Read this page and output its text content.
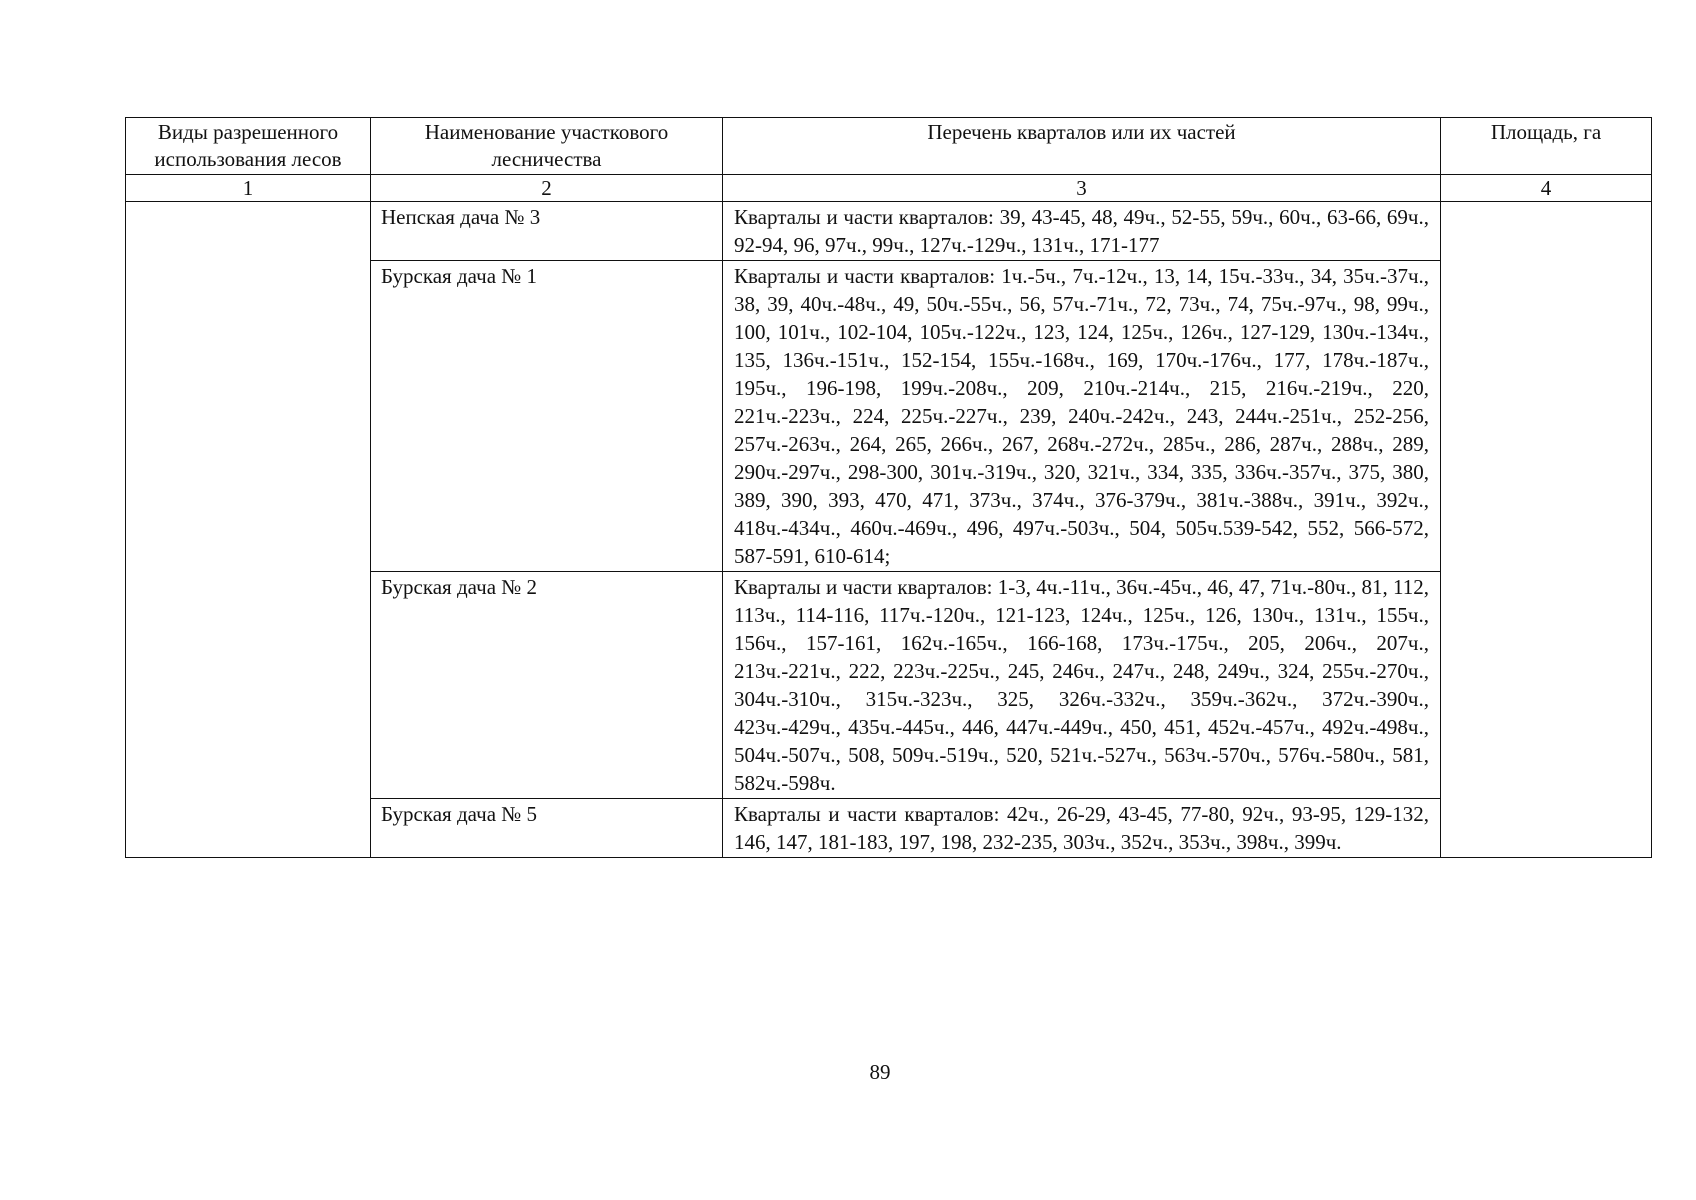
Виды разрешенного использования лесов	Наименование участкового лесничества	Перечень кварталов или их частей	Площадь, га
1	2	3	4
	Непская дача № 3	Кварталы и части кварталов: 39, 43-45, 48, 49ч., 52-55, 59ч., 60ч., 63-66, 69ч., 92-94, 96, 97ч., 99ч., 127ч.-129ч., 131ч., 171-177	
	Бурская дача № 1	Кварталы и части кварталов: 1ч.-5ч., 7ч.-12ч., 13, 14, 15ч.-33ч., 34, 35ч.-37ч., 38, 39, 40ч.-48ч., 49, 50ч.-55ч., 56, 57ч.-71ч., 72, 73ч., 74, 75ч.-97ч., 98, 99ч., 100, 101ч., 102-104, 105ч.-122ч., 123, 124, 125ч., 126ч., 127-129, 130ч.-134ч., 135, 136ч.-151ч., 152-154, 155ч.-168ч., 169, 170ч.-176ч., 177, 178ч.-187ч., 195ч., 196-198, 199ч.-208ч., 209, 210ч.-214ч., 215, 216ч.-219ч., 220, 221ч.-223ч., 224, 225ч.-227ч., 239, 240ч.-242ч., 243, 244ч.-251ч., 252-256, 257ч.-263ч., 264, 265, 266ч., 267, 268ч.-272ч., 285ч., 286, 287ч., 288ч., 289, 290ч.-297ч., 298-300, 301ч.-319ч., 320, 321ч., 334, 335, 336ч.-357ч., 375, 380, 389, 390, 393, 470, 471, 373ч., 374ч., 376-379ч., 381ч.-388ч., 391ч., 392ч., 418ч.-434ч., 460ч.-469ч., 496, 497ч.-503ч., 504, 505ч.539-542, 552, 566-572, 587-591, 610-614;	
	Бурская дача № 2	Кварталы и части кварталов: 1-3, 4ч.-11ч., 36ч.-45ч., 46, 47, 71ч.-80ч., 81, 112, 113ч., 114-116, 117ч.-120ч., 121-123, 124ч., 125ч., 126, 130ч., 131ч., 155ч., 156ч., 157-161, 162ч.-165ч., 166-168, 173ч.-175ч., 205, 206ч., 207ч., 213ч.-221ч., 222, 223ч.-225ч., 245, 246ч., 247ч., 248, 249ч., 324, 255ч.-270ч., 304ч.-310ч., 315ч.-323ч., 325, 326ч.-332ч., 359ч.-362ч., 372ч.-390ч., 423ч.-429ч., 435ч.-445ч., 446, 447ч.-449ч., 450, 451, 452ч.-457ч., 492ч.-498ч., 504ч.-507ч., 508, 509ч.-519ч., 520, 521ч.-527ч., 563ч.-570ч., 576ч.-580ч., 581, 582ч.-598ч.	
	Бурская дача № 5	Кварталы и части кварталов: 42ч., 26-29, 43-45, 77-80, 92ч., 93-95, 129-132, 146, 147, 181-183, 197, 198, 232-235, 303ч., 352ч., 353ч., 398ч., 399ч.	
89
